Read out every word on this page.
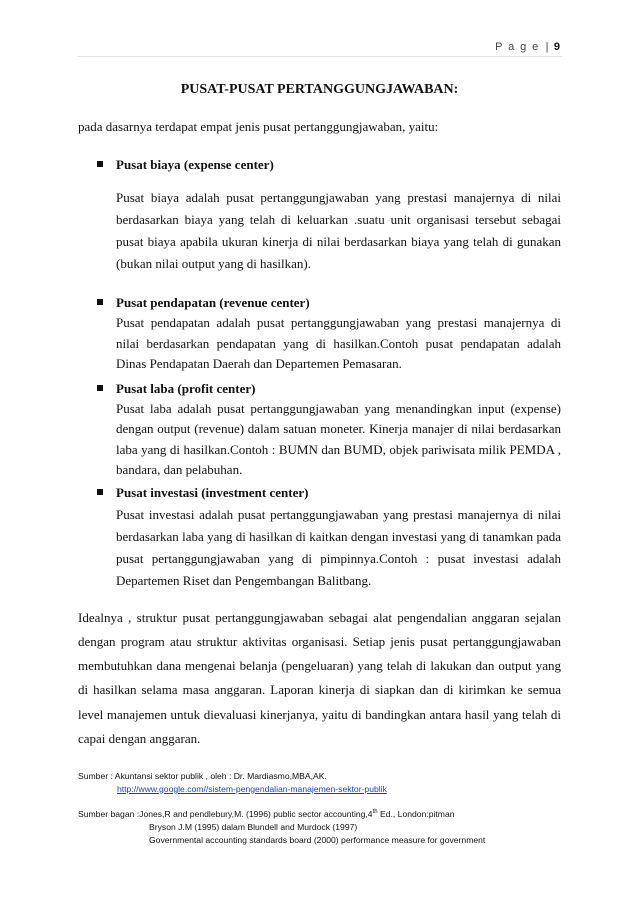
P a g e | 9
PUSAT-PUSAT PERTANGGUNGJAWABAN:

pada dasarnya terdapat empat jenis pusat pertanggungjawaban, yaitu:

Pusat biaya (expense center)

Pusat biaya adalah pusat pertanggungjawaban yang prestasi manajernya di nilai berdasarkan biaya yang telah di keluarkan .suatu unit organisasi tersebut sebagai pusat biaya apabila ukuran kinerja di nilai berdasarkan biaya yang telah di gunakan (bukan nilai output yang di hasilkan).

Pusat pendapatan (revenue center)

Pusat pendapatan adalah pusat pertanggungjawaban yang prestasi manajernya di nilai berdasarkan pendapatan yang di hasilkan.Contoh pusat pendapatan adalah Dinas Pendapatan Daerah dan Departemen Pemasaran.

Pusat laba (profit center)

Pusat laba adalah pusat pertanggungjawaban yang menandingkan input (expense) dengan output (revenue) dalam satuan moneter. Kinerja manajer di nilai berdasarkan laba yang di hasilkan.Contoh : BUMN dan BUMD, objek pariwisata milik PEMDA , bandara, dan pelabuhan.

Pusat investasi (investment center)

Pusat investasi adalah pusat pertanggungjawaban yang prestasi manajernya di nilai berdasarkan laba yang di hasilkan di kaitkan dengan investasi yang di tanamkan pada pusat pertanggungjawaban yang di pimpinnya.Contoh : pusat investasi adalah Departemen Riset dan Pengembangan Balitbang.

Idealnya , struktur pusat pertanggungjawaban sebagai alat pengendalian anggaran sejalan dengan program atau struktur aktivitas organisasi. Setiap jenis pusat pertanggungjawaban membutuhkan dana mengenai belanja (pengeluaran) yang telah di lakukan dan output yang di hasilkan selama masa anggaran. Laporan kinerja di siapkan dan di kirimkan ke semua level manajemen untuk dievaluasi kinerjanya, yaitu di bandingkan antara hasil yang telah di capai dengan anggaran.

Sumber : Akuntansi sektor publik , oleh : Dr. Mardiasmo,MBA,AK.
http://www.google.com//sistem-pengendalian-manajemen-sektor-publik
Sumber bagan :Jones,R and pendlebury,M. (1996) public sector accounting,4th Ed., London:pitman
Bryson J.M (1995) dalam Blundell and Murdock (1997)
Governmental accounting standards board (2000) performance measure for government
